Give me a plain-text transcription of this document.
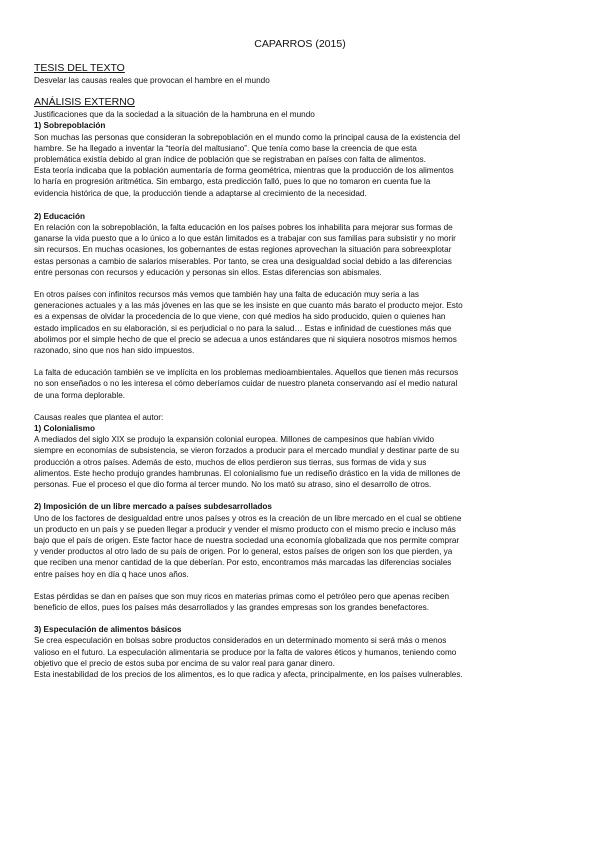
CAPARROS (2015)
TESIS DEL TEXTO
Desvelar las causas reales que provocan el hambre en el mundo
ANÁLISIS EXTERNO
Justificaciones que da la sociedad a la situación de la hambruna en el mundo
1) Sobrepoblación
Son muchas las personas que consideran la sobrepoblación en el mundo como la principal causa de la existencia del
hambre. Se ha llegado a inventar la “teoría del maltusiano”. Que tenía como base la creencia de que esta
problemática existía debido al gran índice de población que se registraban en países con falta de alimentos.
Esta teoría indicaba que la población aumentaría de forma geométrica, mientras que la producción de los alimentos
lo haría en progresión aritmética. Sin embargo, esta predicción falló, pues lo que no tomaron en cuenta fue la
evidencia histórica de que, la producción tiende a adaptarse al crecimiento de la necesidad.
2) Educación
En relación con la sobrepoblación, la falta educación en los países pobres los inhabilita para mejorar sus formas de
ganarse la vida puesto que a lo único a lo que están limitados es a trabajar con sus familias para subsistir y no morir
sin recursos. En muchas ocasiones, los gobernantes de estas regiones aprovechan la situación para sobreexplotar
estas personas a cambio de salarios miserables. Por tanto, se crea una desigualdad social debido a las diferencias
entre personas con recursos y educación y personas sin ellos. Estas diferencias son abismales.
En otros países con infinitos recursos más vemos que también hay una falta de educación muy seria a las
generaciones actuales y a las más jóvenes en las que se les insiste en que cuanto más barato el producto mejor. Esto
es a expensas de olvidar la procedencia de lo que viene, con qué medios ha sido producido, quien o quienes han
estado implicados en su elaboración, si es perjudicial o no para la salud… Estas e infinidad de cuestiones más que
abolimos por el simple hecho de que el precio se adecua a unos estándares que ni siquiera nosotros mismos hemos
razonado, sino que nos han sido impuestos.
La falta de educación también se ve implícita en los problemas medioambientales. Aquellos que tienen más recursos
no son enseñados o no les interesa el cómo deberíamos cuidar de nuestro planeta conservando así el medio natural
de una forma deplorable.
Causas reales que plantea el autor:
1) Colonialismo
A mediados del siglo XIX se produjo la expansión colonial europea. Millones de campesinos que habían vivido
siempre en economías de subsistencia, se vieron forzados a producir para el mercado mundial y destinar parte de su
producción a otros países. Además de esto, muchos de ellos perdieron sus tierras, sus formas de vida y sus
alimentos. Este hecho produjo grandes hambrunas. El colonialismo fue un rediseño drástico en la vida de millones de
personas. Fue el proceso el que dio forma al tercer mundo. No los mató su atraso, sino el desarrollo de otros.
2) Imposición de un libre mercado a países subdesarrollados
Uno de los factores de desigualdad entre unos países y otros es la creación de un libre mercado en el cual se obtiene
un producto en un país y se pueden llegar a producir y vender el mismo producto con el mismo precio e incluso más
bajo que el país de origen. Este factor hace de nuestra sociedad una economía globalizada que nos permite comprar
y vender productos al otro lado de su país de origen. Por lo general, estos países de origen son los que pierden, ya
que reciben una menor cantidad de la que deberían. Por esto, encontramos más marcadas las diferencias sociales
entre países hoy en día q hace unos años.
Estas pérdidas se dan en países que son muy ricos en materias primas como el petróleo pero que apenas reciben
beneficio de ellos, pues los países más desarrollados y las grandes empresas son los grandes benefactores.
3) Especulación de alimentos básicos
Se crea especulación en bolsas sobre productos considerados en un determinado momento si será más o menos
valioso en el futuro. La especulación alimentaria se produce por la falta de valores éticos y humanos, teniendo como
objetivo que el precio de estos suba por encima de su valor real para ganar dinero.
Esta inestabilidad de los precios de los alimentos, es lo que radica y afecta, principalmente, en los países vulnerables.
